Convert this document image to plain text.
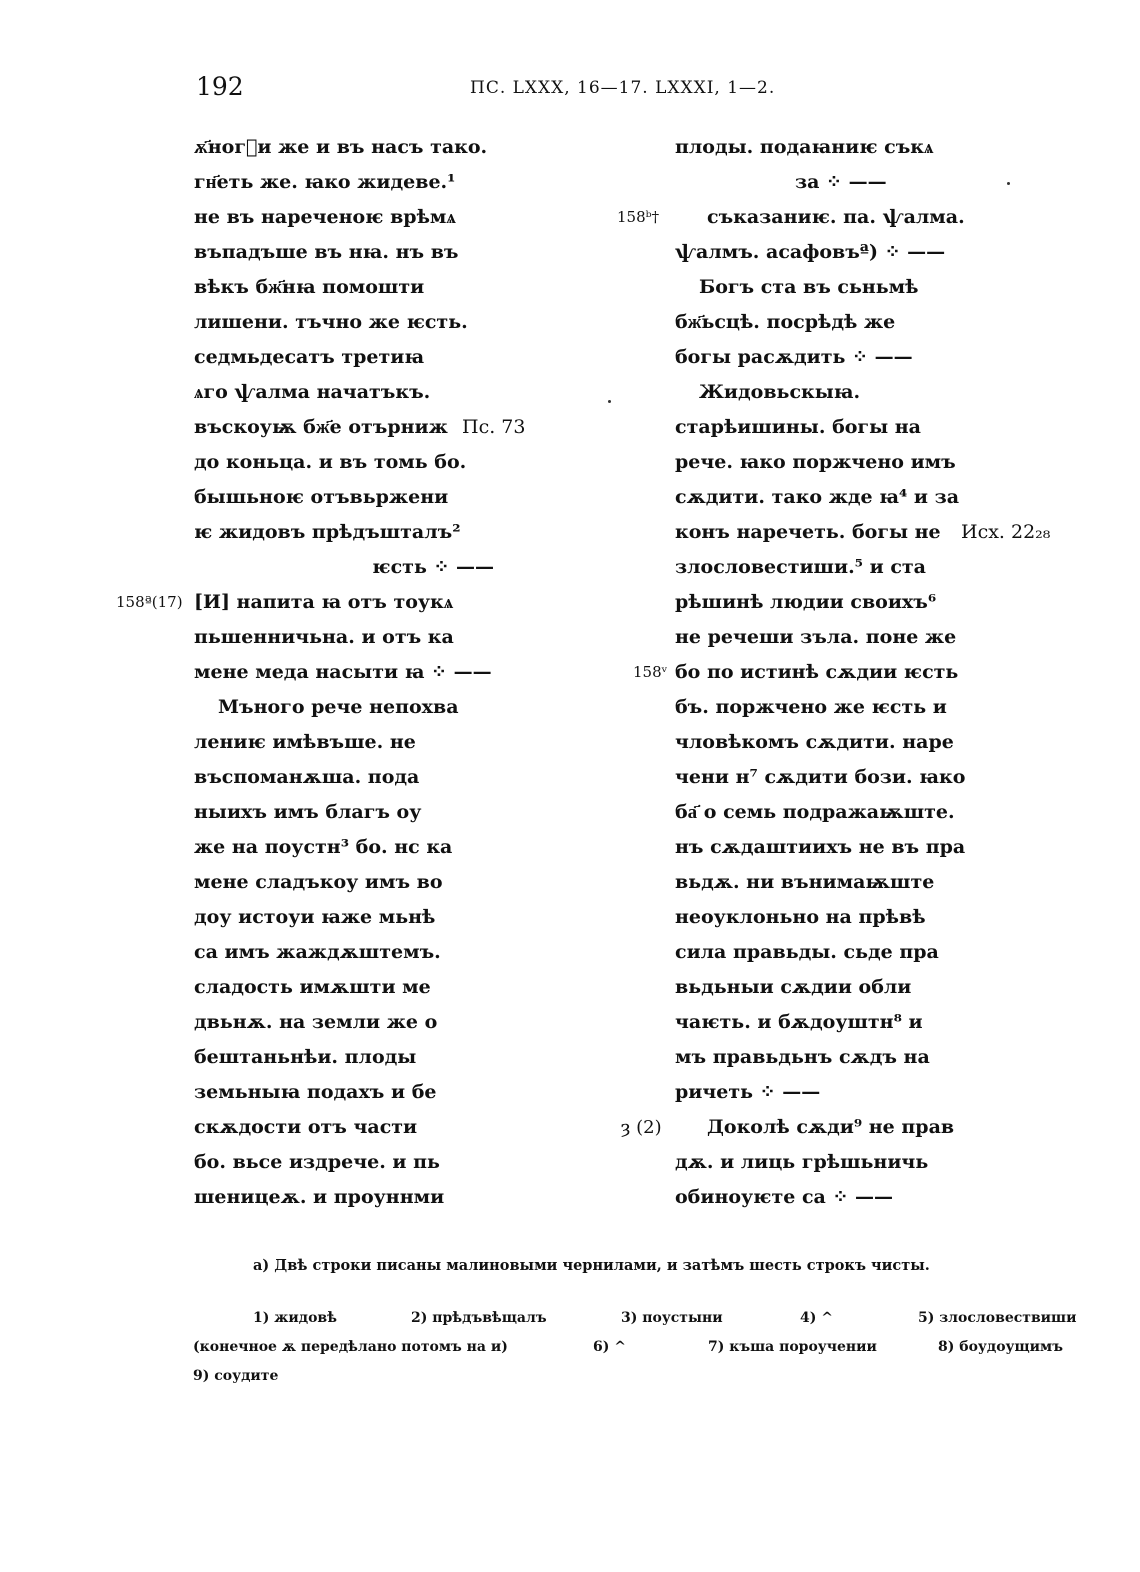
192	ПС. LXXX, 16—17. LXXXI, 1—2.
ѫ҃ногⷢи же и въ насъ тако.
гн҃еть же. ꙗко жидеве.¹
не въ нареченоѥ врѣмѧ
въпадъше въ нꙗ. нъ въ
вѣкъ бж҃нꙗ помошти
лишени. тъчно же ѥсть.
седмьдесатъ третиꙗ
ѧго ѱалма начатъкъ.
въскоуѭ бж҃е отърниж Пс. 73
до коньца. и въ томь бо.
бышьноѥ отъвьржени
ѥ жидовъ прѣдъшталъ²
ѥсть ⁘ ——
158ª(17) [И] напита ꙗ отъ тоукѧ
пьшенничьна. и отъ ка
мене меда насыти ꙗ ⁘ ——
Мъного рече непохва
лениѥ имѣвъше. не
въспоманѫша. пода
ныихъ имъ благъ оу
же на поустн³ бо. нс ка
мене сладъкоу имъ во
доу истоуи ꙗже мьнѣ
са имъ жаждѫштемъ.
сладость имѫшти ме
двьнѫ. на земли же о
бештаньнѣи. плоды
земьныꙗ подахъ и бе
скѫдости отъ части
бо. вьсе издрече. и пь
шеницеѫ. и проуннми
плоды. подаꙗниѥ съкѧ
за ⁘ ——
158ᵇ†	съказаниѥ. па. ѱалма.
ѱалмъ. асафовъª) ⁘ ——
Богъ ста въ сьньмѣ
бж҃ьсцѣ. посрѣдѣ же
богы расѫдить ⁘ ——
Жидовьскыꙗ.
старѣишины. богы на
рече. ꙗко поржчено имъ
сѫдити. тако жде ꙗ⁴ и за
конъ наречеть. богы не Исх. 22₂₈
злословестиши.⁵ и ста
рѣшинѣ людии своихъ⁶
не речеши зъла. поне же
158ᵛ бо по истинѣ сѫдии ѥсть
бъ. поржчено же ѥсть и
чловѣкомъ сѫдити. наре
чени н⁷ сѫдити бози. ꙗко
ба҃ о семь подражаѭште.
нъ сѫдаштиихъ не въ пра
вьдѫ. ни вънимаѭште
неоуклоньно на прѣвѣ
сила правьды. сьде пра
вьдьныи сѫдии обли
чаѥть. и бѫдоуштн⁸ и
мъ правьдьнъ сѫдъ на
ричеть ⁘ ——
ȝ (2) Доколѣ сѫди⁹ не прав
дѫ. и лиць грѣшьничь
обиноуѥте са ⁘ ——
а) Двѣ строки писаны малиновыми чернилами, и затѣмъ шесть строкъ чисты.
1) жидовѣ	2) прѣдъвѣщалъ	3) поустыни	4) ^	5) злословествиши
(конечное ѫ передѣлано потомъ на и)	6) ^	7) къша пороучении	8) боудоущимъ
9) соудите
